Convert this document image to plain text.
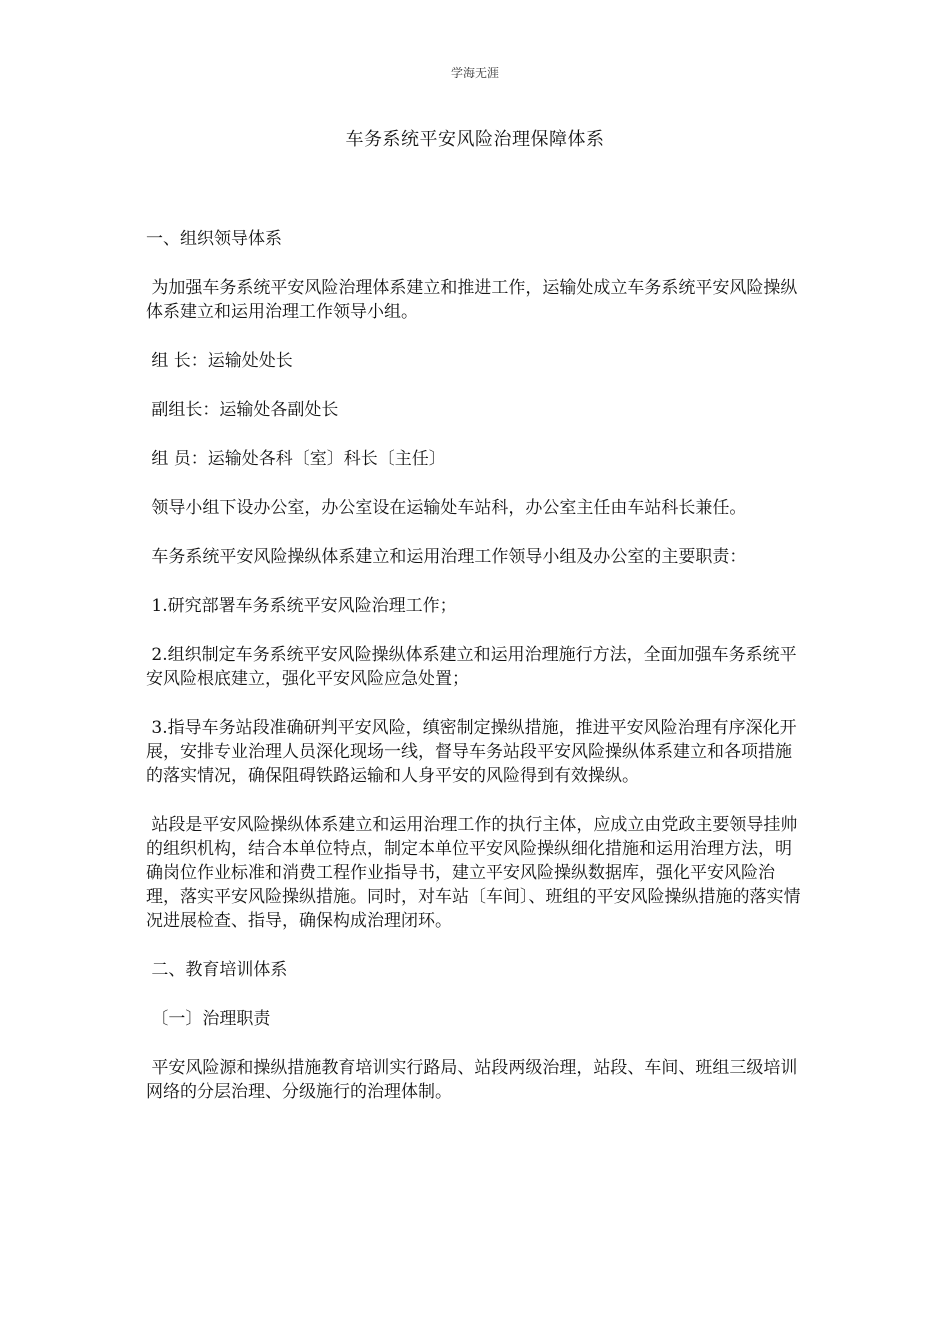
学海无涯
车务系统平安风险治理保障体系

一、组织领导体系

为加强车务系统平安风险治理体系建立和推进工作，运输处成立车务系统平安风险操纵体系建立和运用治理工作领导小组。

组 长：运输处处长

副组长：运输处各副处长

组 员：运输处各科〔室〕科长〔主任〕

领导小组下设办公室，办公室设在运输处车站科，办公室主任由车站科长兼任。

车务系统平安风险操纵体系建立和运用治理工作领导小组及办公室的主要职责：

1.研究部署车务系统平安风险治理工作；

2.组织制定车务系统平安风险操纵体系建立和运用治理施行方法，全面加强车务系统平安风险根底建立，强化平安风险应急处置；

3.指导车务站段准确研判平安风险，缜密制定操纵措施，推进平安风险治理有序深化开展，安排专业治理人员深化现场一线，督导车务站段平安风险操纵体系建立和各项措施的落实情况，确保阻碍铁路运输和人身平安的风险得到有效操纵。

站段是平安风险操纵体系建立和运用治理工作的执行主体，应成立由党政主要领导挂帅的组织机构，结合本单位特点，制定本单位平安风险操纵细化措施和运用治理方法，明确岗位作业标准和消费工程作业指导书，建立平安风险操纵数据库，强化平安风险治理，落实平安风险操纵措施。同时，对车站〔车间〕、班组的平安风险操纵措施的落实情况进展检查、指导，确保构成治理闭环。

二、教育培训体系

〔一〕治理职责

平安风险源和操纵措施教育培训实行路局、站段两级治理，站段、车间、班组三级培训网络的分层治理、分级施行的治理体制。
